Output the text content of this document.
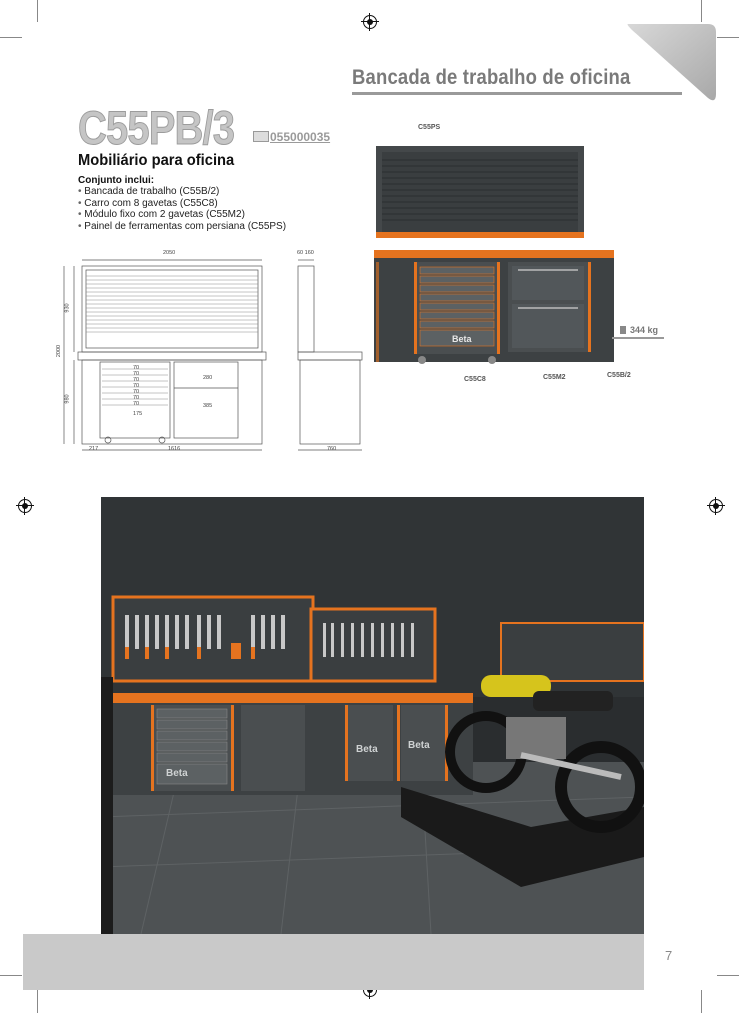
Bancada de trabalho de oficina
C55PB/3	055000035
Mobiliário para oficina
Conjunto inclui:
• Bancada de trabalho (C55B/2)
• Carro com 8 gavetas (C55C8)
• Módulo fixo com 2 gavetas (C55M2)
• Painel de ferramentas com persiana (C55PS)
2050	60 160
930
2000
980
70
70
70
70
70
70
70
175
280
385
217	1616	760
C55PS
C55C8	C55M2	C55B/2
344 kg
Beta
Beta	Beta
Beta
7
